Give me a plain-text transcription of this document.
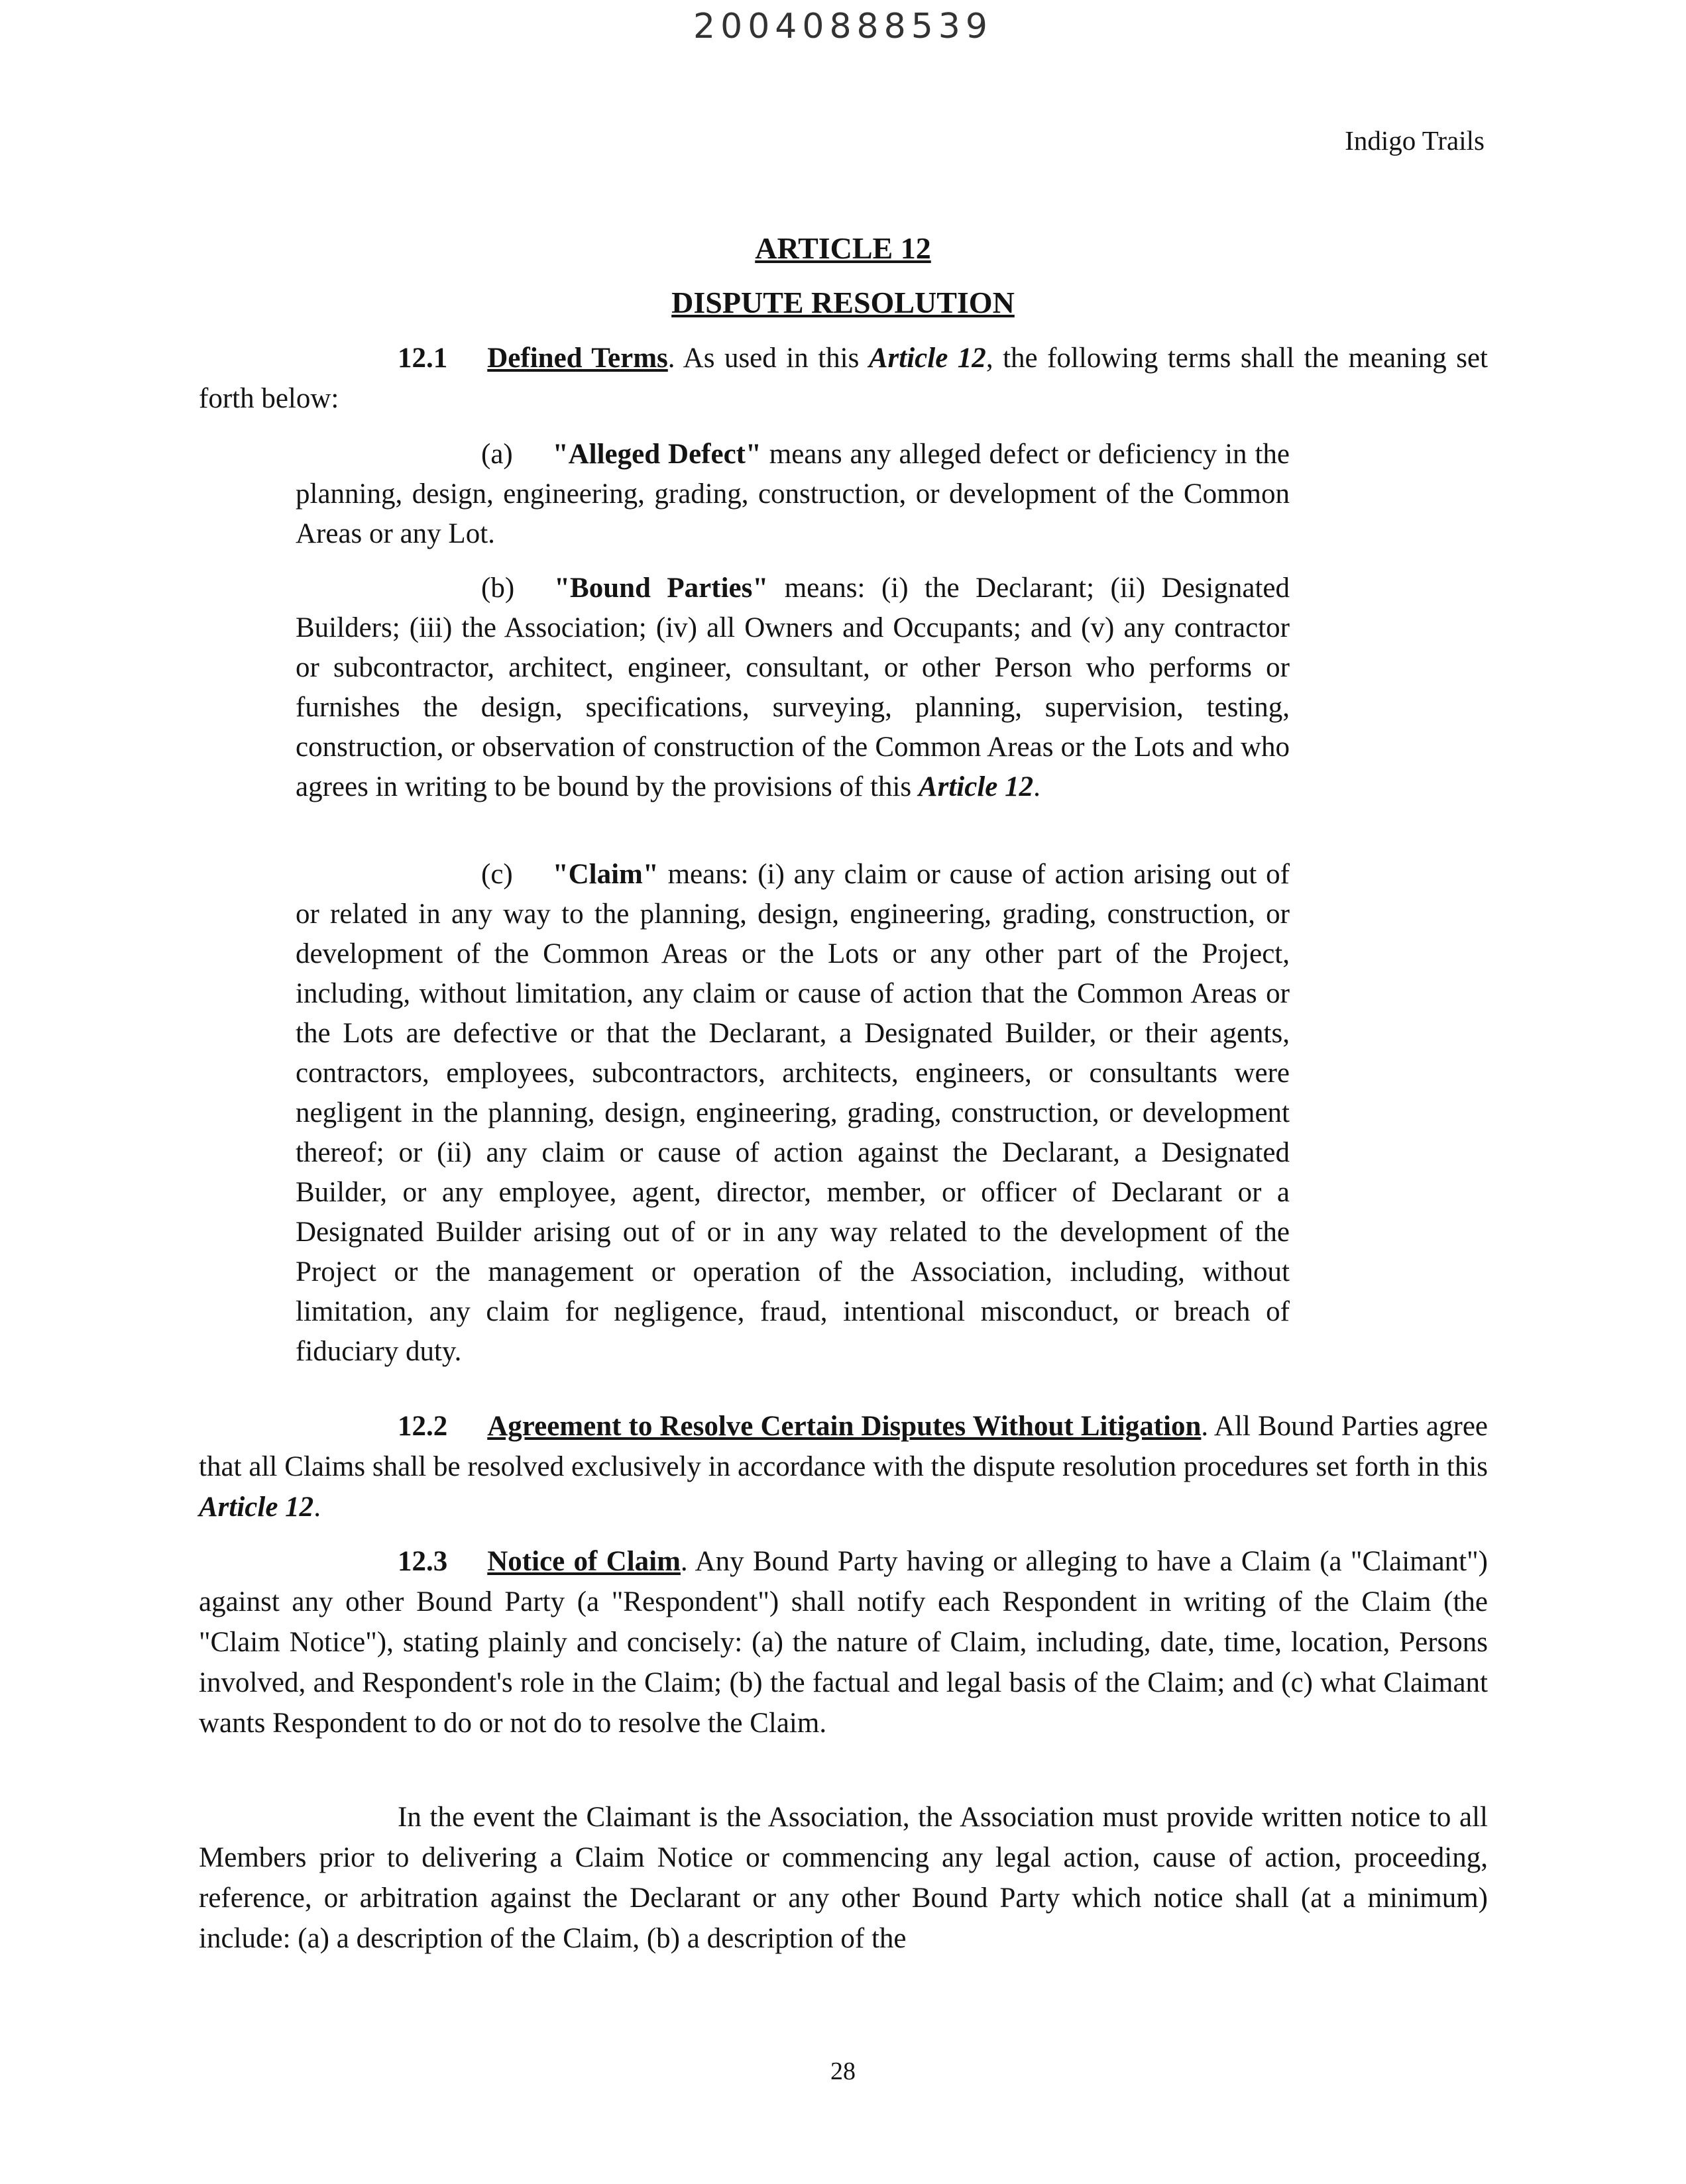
20040888539
Indigo Trails
ARTICLE 12
DISPUTE RESOLUTION
12.1 Defined Terms. As used in this Article 12, the following terms shall the meaning set forth below:
(a) "Alleged Defect" means any alleged defect or deficiency in the planning, design, engineering, grading, construction, or development of the Common Areas or any Lot.
(b) "Bound Parties" means: (i) the Declarant; (ii) Designated Builders; (iii) the Association; (iv) all Owners and Occupants; and (v) any contractor or subcontractor, architect, engineer, consultant, or other Person who performs or furnishes the design, specifications, surveying, planning, supervision, testing, construction, or observation of construction of the Common Areas or the Lots and who agrees in writing to be bound by the provisions of this Article 12.
(c) "Claim" means: (i) any claim or cause of action arising out of or related in any way to the planning, design, engineering, grading, construction, or development of the Common Areas or the Lots or any other part of the Project, including, without limitation, any claim or cause of action that the Common Areas or the Lots are defective or that the Declarant, a Designated Builder, or their agents, contractors, employees, subcontractors, architects, engineers, or consultants were negligent in the planning, design, engineering, grading, construction, or development thereof; or (ii) any claim or cause of action against the Declarant, a Designated Builder, or any employee, agent, director, member, or officer of Declarant or a Designated Builder arising out of or in any way related to the development of the Project or the management or operation of the Association, including, without limitation, any claim for negligence, fraud, intentional misconduct, or breach of fiduciary duty.
12.2 Agreement to Resolve Certain Disputes Without Litigation. All Bound Parties agree that all Claims shall be resolved exclusively in accordance with the dispute resolution procedures set forth in this Article 12.
12.3 Notice of Claim. Any Bound Party having or alleging to have a Claim (a "Claimant") against any other Bound Party (a "Respondent") shall notify each Respondent in writing of the Claim (the "Claim Notice"), stating plainly and concisely: (a) the nature of Claim, including, date, time, location, Persons involved, and Respondent's role in the Claim; (b) the factual and legal basis of the Claim; and (c) what Claimant wants Respondent to do or not do to resolve the Claim.
In the event the Claimant is the Association, the Association must provide written notice to all Members prior to delivering a Claim Notice or commencing any legal action, cause of action, proceeding, reference, or arbitration against the Declarant or any other Bound Party which notice shall (at a minimum) include: (a) a description of the Claim, (b) a description of the
28
